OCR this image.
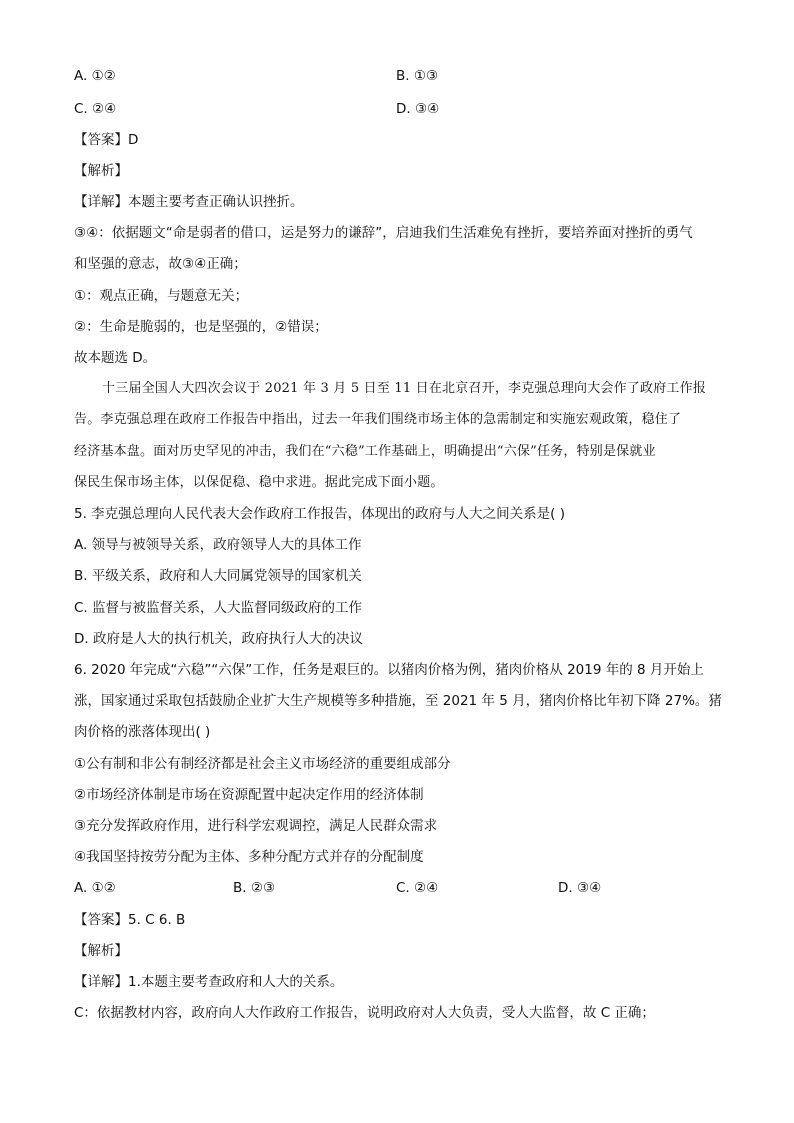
A. ①②	B. ①③
C. ②④	D. ③④
【答案】D
【解析】
【详解】本题主要考查正确认识挫折。
③④：依据题文“命是弱者的借口，运是努力的谦辞”，启迪我们生活难免有挫折，要培养面对挫折的勇气
和坚强的意志，故③④正确；
①：观点正确，与题意无关；
②：生命是脆弱的，也是坚强的，②错误；
故本题选 D。
十三届全国人大四次会议于 2021 年 3 月 5 日至 11 日在北京召开，李克强总理向大会作了政府工作报
告。李克强总理在政府工作报告中指出，过去一年我们围绕市场主体的急需制定和实施宏观政策，稳住了
经济基本盘。面对历史罕见的冲击，我们在“六稳”工作基础上，明确提出“六保”任务，特别是保就业
保民生保市场主体，以保促稳、稳中求进。据此完成下面小题。
5. 李克强总理向人民代表大会作政府工作报告，体现出的政府与人大之间关系是( )
A. 领导与被领导关系，政府领导人大的具体工作
B. 平级关系，政府和人大同属党领导的国家机关
C. 监督与被监督关系，人大监督同级政府的工作
D. 政府是人大的执行机关，政府执行人大的决议
6. 2020 年完成“六稳”“六保”工作，任务是艰巨的。以猪肉价格为例，猪肉价格从 2019 年的 8 月开始上
涨，国家通过采取包括鼓励企业扩大生产规模等多种措施，至 2021 年 5 月，猪肉价格比年初下降 27%。猪
肉价格的涨落体现出( )
①公有制和非公有制经济都是社会主义市场经济的重要组成部分
②市场经济体制是市场在资源配置中起决定作用的经济体制
③充分发挥政府作用，进行科学宏观调控，满足人民群众需求
④我国坚持按劳分配为主体、多种分配方式并存的分配制度
A. ①②	B. ②③	C. ②④	D. ③④
【答案】5. C 6. B
【解析】
【详解】1.本题主要考查政府和人大的关系。
C：依据教材内容，政府向人大作政府工作报告，说明政府对人大负责，受人大监督，故 C 正确；
